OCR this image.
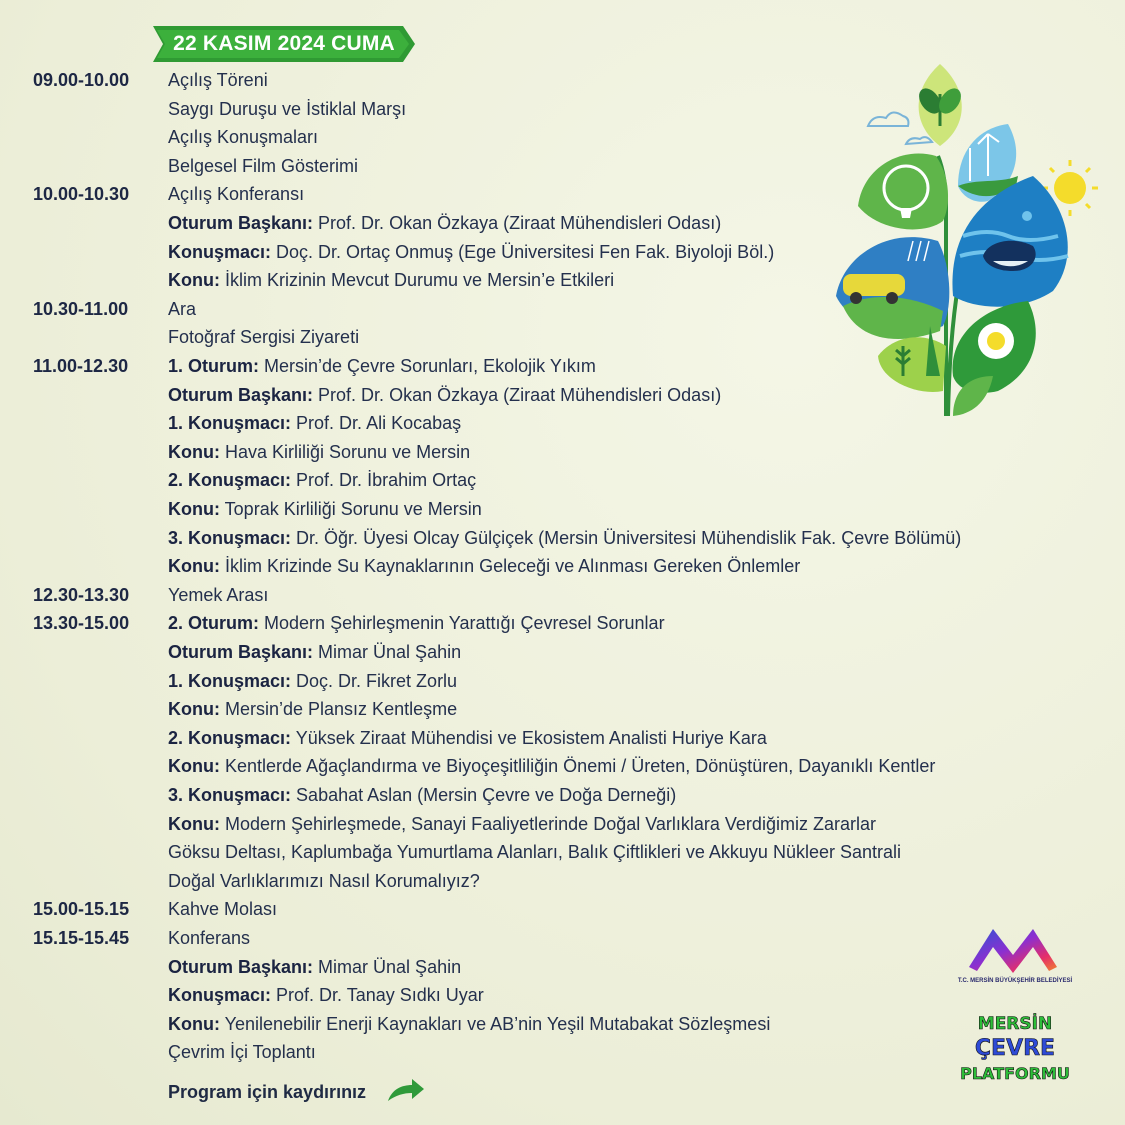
22 KASIM 2024 CUMA
09.00-10.00 Açılış Töreni
Saygı Duruşu ve İstiklal Marşı
Açılış Konuşmaları
Belgesel Film Gösterimi
10.00-10.30 Açılış Konferansı
Oturum Başkanı: Prof. Dr. Okan Özkaya (Ziraat Mühendisleri Odası)
Konuşmacı: Doç. Dr. Ortaç Onmuş (Ege Üniversitesi Fen Fak. Biyoloji Böl.)
Konu: İklim Krizinin Mevcut Durumu ve Mersin’e Etkileri
10.30-11.00 Ara
Fotoğraf Sergisi Ziyareti
11.00-12.30 1. Oturum: Mersin’de Çevre Sorunları, Ekolojik Yıkım
Oturum Başkanı: Prof. Dr. Okan Özkaya (Ziraat Mühendisleri Odası)
1. Konuşmacı: Prof. Dr. Ali Kocabaş
Konu: Hava Kirliliği Sorunu ve Mersin
2. Konuşmacı: Prof. Dr. İbrahim Ortaç
Konu: Toprak Kirliliği Sorunu ve Mersin
3. Konuşmacı: Dr. Öğr. Üyesi Olcay Gülçiçek (Mersin Üniversitesi Mühendislik Fak. Çevre Bölümü)
Konu: İklim Krizinde Su Kaynaklarının Geleceği ve Alınması Gereken Önlemler
12.30-13.30 Yemek Arası
13.30-15.00 2. Oturum: Modern Şehirleşmenin Yarattığı Çevresel Sorunlar
Oturum Başkanı: Mimar Ünal Şahin
1. Konuşmacı: Doç. Dr. Fikret Zorlu
Konu: Mersin’de Plansız Kentleşme
2. Konuşmacı: Yüksek Ziraat Mühendisi ve Ekosistem Analisti Huriye Kara
Konu: Kentlerde Ağaçlandırma ve Biyoçeşitliliğin Önemi / Üreten, Dönüştüren, Dayanıklı Kentler
3. Konuşmacı: Sabahat Aslan (Mersin Çevre ve Doğa Derneği)
Konu: Modern Şehirleşmede, Sanayi Faaliyetlerinde Doğal Varlıklara Verdiğimiz Zararlar
Göksu Deltası, Kaplumbağa Yumurtlama Alanları, Balık Çiftlikleri ve Akkuyu Nükleer Santrali
Doğal Varlıklarımızı Nasıl Korumalıyız?
15.00-15.15 Kahve Molası
15.15-15.45 Konferans
Oturum Başkanı: Mimar Ünal Şahin
Konuşmacı: Prof. Dr. Tanay Sıdkı Uyar
Konu: Yenilenebilir Enerji Kaynakları ve AB’nin Yeşil Mutabakat Sözleşmesi
Çevrim İçi Toplantı
T.C. MERSİN BÜYÜKŞEHİR BELEDİYESİ
MERSİN
ÇEVRE
PLATFORMU
Program için kaydırınız
